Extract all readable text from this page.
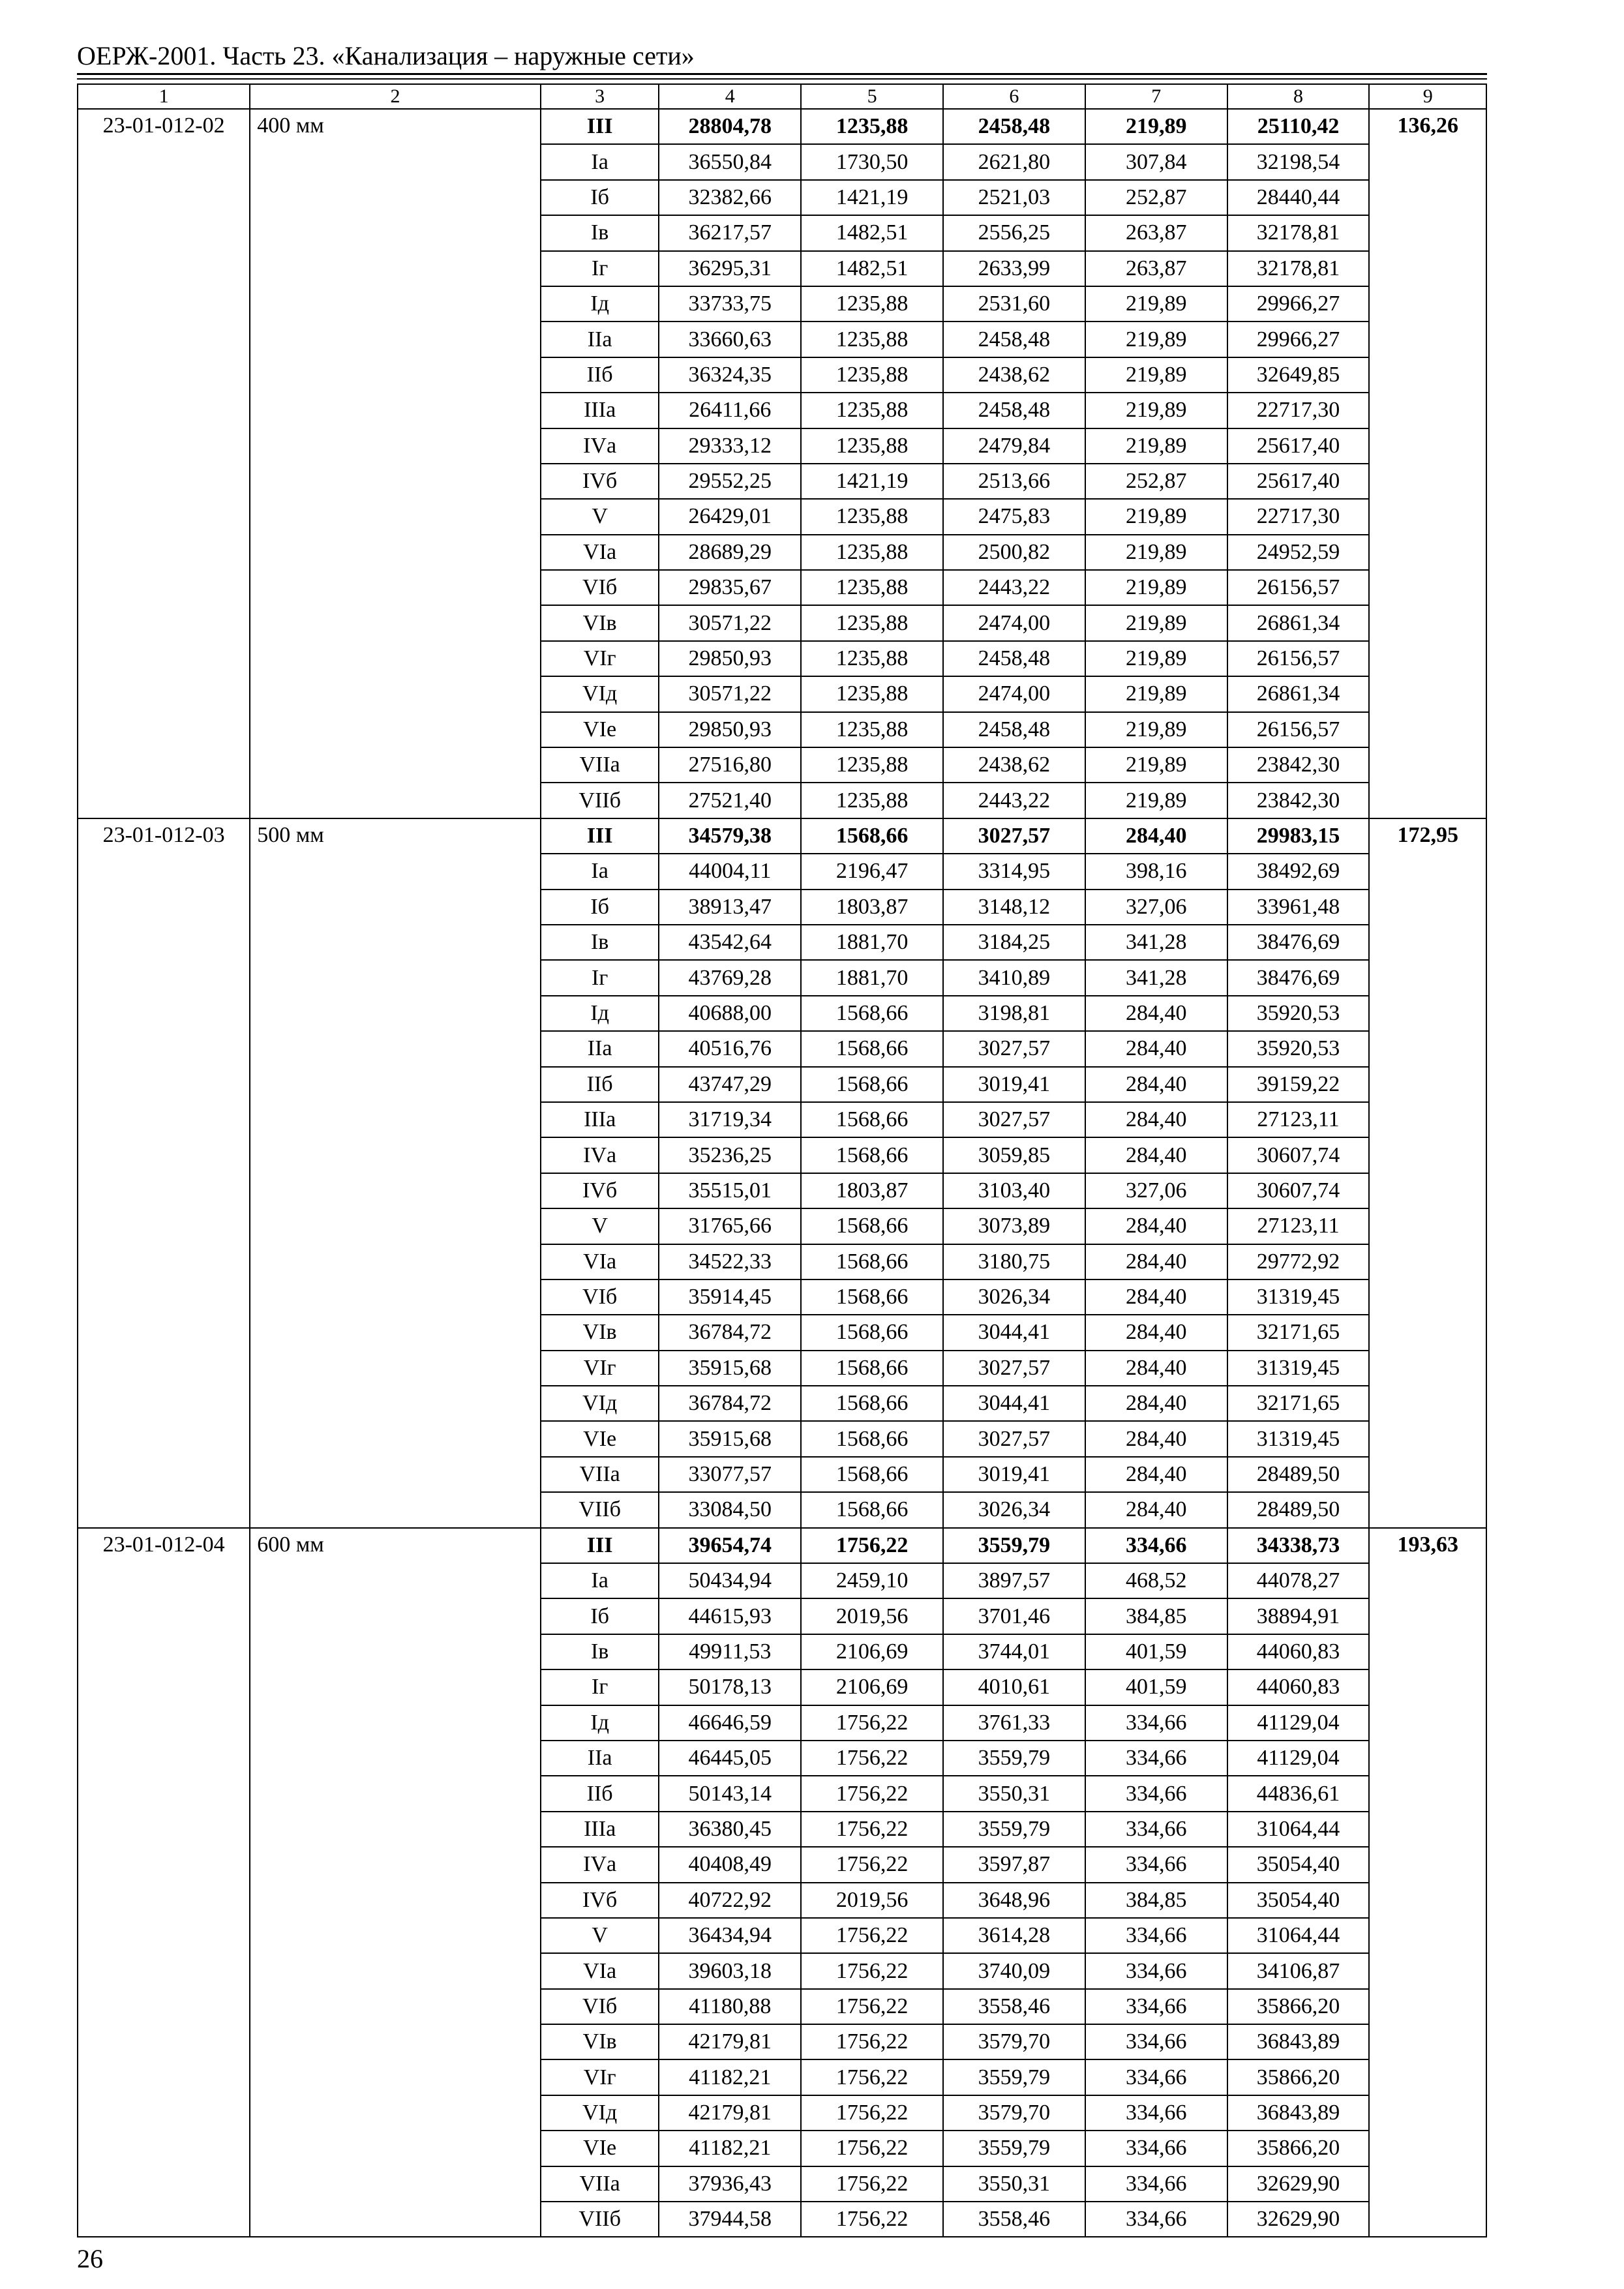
ОЕРЖ-2001. Часть 23. «Канализация – наружные сети»
1	2	3	4	5	6	7	8	9
23-01-012-02	400 мм	III	28804,78	1235,88	2458,48	219,89	25110,42	136,26
		Iа	36550,84	1730,50	2621,80	307,84	32198,54	
		Iб	32382,66	1421,19	2521,03	252,87	28440,44	
		Iв	36217,57	1482,51	2556,25	263,87	32178,81	
		Iг	36295,31	1482,51	2633,99	263,87	32178,81	
		Iд	33733,75	1235,88	2531,60	219,89	29966,27	
		IIа	33660,63	1235,88	2458,48	219,89	29966,27	
		IIб	36324,35	1235,88	2438,62	219,89	32649,85	
		IIIа	26411,66	1235,88	2458,48	219,89	22717,30	
		IVа	29333,12	1235,88	2479,84	219,89	25617,40	
		IVб	29552,25	1421,19	2513,66	252,87	25617,40	
		V	26429,01	1235,88	2475,83	219,89	22717,30	
		VIа	28689,29	1235,88	2500,82	219,89	24952,59	
		VIб	29835,67	1235,88	2443,22	219,89	26156,57	
		VIв	30571,22	1235,88	2474,00	219,89	26861,34	
		VIг	29850,93	1235,88	2458,48	219,89	26156,57	
		VIд	30571,22	1235,88	2474,00	219,89	26861,34	
		VIе	29850,93	1235,88	2458,48	219,89	26156,57	
		VIIа	27516,80	1235,88	2438,62	219,89	23842,30	
		VIIб	27521,40	1235,88	2443,22	219,89	23842,30	
23-01-012-03	500 мм	III	34579,38	1568,66	3027,57	284,40	29983,15	172,95
		Iа	44004,11	2196,47	3314,95	398,16	38492,69	
		Iб	38913,47	1803,87	3148,12	327,06	33961,48	
		Iв	43542,64	1881,70	3184,25	341,28	38476,69	
		Iг	43769,28	1881,70	3410,89	341,28	38476,69	
		Iд	40688,00	1568,66	3198,81	284,40	35920,53	
		IIа	40516,76	1568,66	3027,57	284,40	35920,53	
		IIб	43747,29	1568,66	3019,41	284,40	39159,22	
		IIIа	31719,34	1568,66	3027,57	284,40	27123,11	
		IVа	35236,25	1568,66	3059,85	284,40	30607,74	
		IVб	35515,01	1803,87	3103,40	327,06	30607,74	
		V	31765,66	1568,66	3073,89	284,40	27123,11	
		VIа	34522,33	1568,66	3180,75	284,40	29772,92	
		VIб	35914,45	1568,66	3026,34	284,40	31319,45	
		VIв	36784,72	1568,66	3044,41	284,40	32171,65	
		VIг	35915,68	1568,66	3027,57	284,40	31319,45	
		VIд	36784,72	1568,66	3044,41	284,40	32171,65	
		VIе	35915,68	1568,66	3027,57	284,40	31319,45	
		VIIа	33077,57	1568,66	3019,41	284,40	28489,50	
		VIIб	33084,50	1568,66	3026,34	284,40	28489,50	
23-01-012-04	600 мм	III	39654,74	1756,22	3559,79	334,66	34338,73	193,63
		Iа	50434,94	2459,10	3897,57	468,52	44078,27	
		Iб	44615,93	2019,56	3701,46	384,85	38894,91	
		Iв	49911,53	2106,69	3744,01	401,59	44060,83	
		Iг	50178,13	2106,69	4010,61	401,59	44060,83	
		Iд	46646,59	1756,22	3761,33	334,66	41129,04	
		IIа	46445,05	1756,22	3559,79	334,66	41129,04	
		IIб	50143,14	1756,22	3550,31	334,66	44836,61	
		IIIа	36380,45	1756,22	3559,79	334,66	31064,44	
		IVа	40408,49	1756,22	3597,87	334,66	35054,40	
		IVб	40722,92	2019,56	3648,96	384,85	35054,40	
		V	36434,94	1756,22	3614,28	334,66	31064,44	
		VIа	39603,18	1756,22	3740,09	334,66	34106,87	
		VIб	41180,88	1756,22	3558,46	334,66	35866,20	
		VIв	42179,81	1756,22	3579,70	334,66	36843,89	
		VIг	41182,21	1756,22	3559,79	334,66	35866,20	
		VIд	42179,81	1756,22	3579,70	334,66	36843,89	
		VIе	41182,21	1756,22	3559,79	334,66	35866,20	
		VIIа	37936,43	1756,22	3550,31	334,66	32629,90	
		VIIб	37944,58	1756,22	3558,46	334,66	32629,90	
26
